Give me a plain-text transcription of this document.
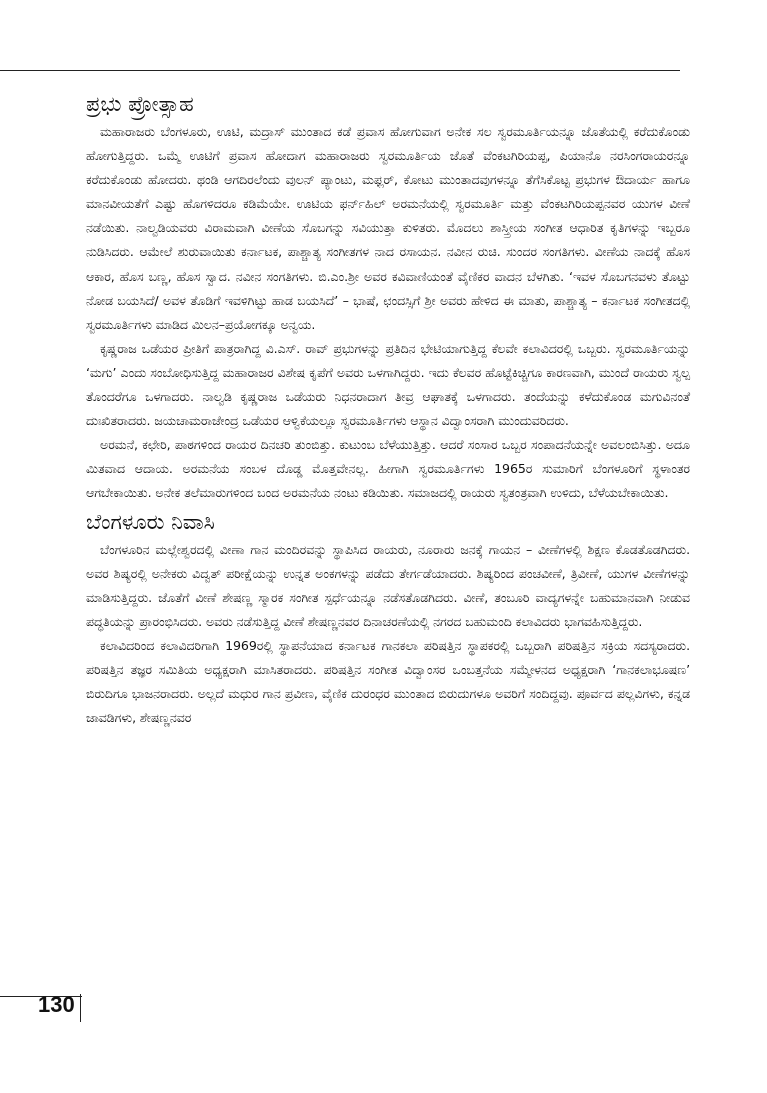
ಪ್ರಭು ಪ್ರೋತ್ಸಾಹ

ಮಹಾರಾಜರು ಬೆಂಗಳೂರು, ಊಟಿ, ಮದ್ರಾಸ್ ಮುಂತಾದ ಕಡೆ ಪ್ರವಾಸ ಹೋಗುವಾಗ ಅನೇಕ ಸಲ ಸ್ವರಮೂರ್ತಿಯನ್ನೂ ಜೊತೆಯಲ್ಲಿ ಕರೆದುಕೊಂಡು ಹೋಗುತ್ತಿದ್ದರು. ಒಮ್ಮೆ ಊಟಿಗೆ ಪ್ರವಾಸ ಹೋದಾಗ ಮಹಾರಾಜರು ಸ್ವರಮೂರ್ತಿಯ ಜೊತೆ ವೆಂಕಟಗಿರಿಯಪ್ಪ, ಪಿಯಾನೊ ನರಸಿಂಗರಾಯರನ್ನೂ ಕರೆದುಕೊಂಡು ಹೋದರು. ಥಂಡಿ ಆಗದಿರಲೆಂದು ವುಲನ್ ಪ್ಯಾಂಟು, ಮಫ್ಲರ್, ಕೋಟು ಮುಂತಾದವುಗಳನ್ನೂ ತೆಗೆಸಿಕೊಟ್ಟ ಪ್ರಭುಗಳ ಔದಾರ್ಯ ಹಾಗೂ ಮಾನವೀಯತೆಗೆ ಎಷ್ಟು ಹೊಗಳಿದರೂ ಕಡಿಮೆಯೇ. ಊಟಿಯ ಫರ್ನ್‌ಹಿಲ್ ಅರಮನೆಯಲ್ಲಿ ಸ್ವರಮೂರ್ತಿ ಮತ್ತು ವೆಂಕಟಗಿರಿಯಪ್ಪನವರ ಯುಗಳ ವೀಣೆ ನಡೆಯಿತು. ನಾಲ್ವಡಿಯವರು ವಿರಾಮವಾಗಿ ವೀಣೆಯ ಸೊಬಗನ್ನು ಸವಿಯುತ್ತಾ ಕುಳಿತರು. ಮೊದಲು ಶಾಸ್ತ್ರೀಯ ಸಂಗೀತ ಆಧಾರಿತ ಕೃತಿಗಳನ್ನು ಇಬ್ಬರೂ ನುಡಿಸಿದರು. ಆಮೇಲೆ ಶುರುವಾಯಿತು ಕರ್ನಾಟಕ, ಪಾಶ್ಚಾತ್ಯ ಸಂಗೀತಗಳ ನಾದ ರಸಾಯನ. ನವೀನ ರುಚಿ. ಸುಂದರ ಸಂಗತಿಗಳು. ವೀಣೆಯ ನಾದಕ್ಕೆ ಹೊಸ ಆಕಾರ, ಹೊಸ ಬಣ್ಣ, ಹೊಸ ಸ್ವಾದ. ನವೀನ ಸಂಗತಿಗಳು. ಬಿ.ಎಂ.ಶ್ರೀ ಅವರ ಕವಿವಾಣಿಯಂತೆ ವೈಣಿಕರ ವಾದನ ಬೆಳಗಿತು. ‘ಇವಳ ಸೊಬಗನವಳು ತೊಟ್ಟು ನೋಡ ಬಯಸಿದೆ/ ಅವಳ ತೊಡಿಗೆ ಇವಳಿಗಿಟ್ಟು ಹಾಡ ಬಯಸಿದೆ’ – ಭಾಷೆ, ಛಂದಸ್ಸಿಗೆ ಶ್ರೀ ಅವರು ಹೇಳಿದ ಈ ಮಾತು, ಪಾಶ್ಚಾತ್ಯ – ಕರ್ನಾಟಕ ಸಂಗೀತದಲ್ಲಿ ಸ್ವರಮೂರ್ತಿಗಳು ಮಾಡಿದ ಮಿಲನ–ಪ್ರಯೋಗಕ್ಕೂ ಅನ್ವಯ.

ಕೃಷ್ಣರಾಜ ಒಡೆಯರ ಪ್ರೀತಿಗೆ ಪಾತ್ರರಾಗಿದ್ದ ವಿ.ಎಸ್. ರಾವ್ ಪ್ರಭುಗಳನ್ನು ಪ್ರತಿದಿನ ಭೇಟಿಯಾಗುತ್ತಿದ್ದ ಕೆಲವೇ ಕಲಾವಿದರಲ್ಲಿ ಒಬ್ಬರು. ಸ್ವರಮೂರ್ತಿಯನ್ನು ‘ಮಗು’ ಎಂದು ಸಂಬೋಧಿಸುತ್ತಿದ್ದ ಮಹಾರಾಜರ ವಿಶೇಷ ಕೃಪೆಗೆ ಅವರು ಒಳಗಾಗಿದ್ದರು. ಇದು ಕೆಲವರ ಹೊಟ್ಟೆಕಿಚ್ಚಿಗೂ ಕಾರಣವಾಗಿ, ಮುಂದೆ ರಾಯರು ಸ್ವಲ್ಪ ತೊಂದರೆಗೂ ಒಳಗಾದರು. ನಾಲ್ವಡಿ ಕೃಷ್ಣರಾಜ ಒಡೆಯರು ನಿಧನರಾದಾಗ ತೀವ್ರ ಆಘಾತಕ್ಕೆ ಒಳಗಾದರು. ತಂದೆಯನ್ನು ಕಳೆದುಕೊಂಡ ಮಗುವಿನಂತೆ ದುಃಖಿತರಾದರು. ಜಯಚಾಮರಾಜೇಂದ್ರ ಒಡೆಯರ ಆಳ್ವಿಕೆಯಲ್ಲೂ ಸ್ವರಮೂರ್ತಿಗಳು ಆಸ್ಥಾನ ವಿದ್ವಾಂಸರಾಗಿ ಮುಂದುವರಿದರು.

ಅರಮನೆ, ಕಛೇರಿ, ಪಾಠಗಳಿಂದ ರಾಯರ ದಿನಚರಿ ತುಂಬಿತ್ತು. ಕುಟುಂಬ ಬೆಳೆಯುತ್ತಿತ್ತು. ಆದರೆ ಸಂಸಾರ ಒಬ್ಬರ ಸಂಪಾದನೆಯನ್ನೇ ಅವಲಂಬಿಸಿತ್ತು. ಅದೂ ಮಿತವಾದ ಆದಾಯ. ಅರಮನೆಯ ಸಂಬಳ ದೊಡ್ಡ ಮೊತ್ತವೇನಲ್ಲ. ಹೀಗಾಗಿ ಸ್ವರಮೂರ್ತಿಗಳು 1965ರ ಸುಮಾರಿಗೆ ಬೆಂಗಳೂರಿಗೆ ಸ್ಥಳಾಂತರ ಆಗಬೇಕಾಯಿತು. ಅನೇಕ ತಲೆಮಾರುಗಳಿಂದ ಬಂದ ಅರಮನೆಯ ನಂಟು ಕಡಿಯಿತು. ಸಮಾಜದಲ್ಲಿ ರಾಯರು ಸ್ವತಂತ್ರವಾಗಿ ಉಳಿದು, ಬೆಳೆಯಬೇಕಾಯಿತು.

ಬೆಂಗಳೂರು ನಿವಾಸಿ

ಬೆಂಗಳೂರಿನ ಮಲ್ಲೇಶ್ವರದಲ್ಲಿ ವೀಣಾ ಗಾನ ಮಂದಿರವನ್ನು ಸ್ಥಾಪಿಸಿದ ರಾಯರು, ನೂರಾರು ಜನಕ್ಕೆ ಗಾಯನ – ವೀಣೆಗಳಲ್ಲಿ ಶಿಕ್ಷಣ ಕೊಡತೊಡಗಿದರು. ಅವರ ಶಿಷ್ಯರಲ್ಲಿ ಅನೇಕರು ವಿದ್ವತ್ ಪರೀಕ್ಷೆಯನ್ನು ಉನ್ನತ ಅಂಕಗಳನ್ನು ಪಡೆದು ತೇರ್ಗಡೆಯಾದರು. ಶಿಷ್ಯರಿಂದ ಪಂಚವೀಣೆ, ತ್ರಿವೀಣೆ, ಯುಗಳ ವೀಣೆಗಳನ್ನು ಮಾಡಿಸುತ್ತಿದ್ದರು. ಜೊತೆಗೆ ವೀಣೆ ಶೇಷಣ್ಣ ಸ್ಮಾರಕ ಸಂಗೀತ ಸ್ಪರ್ಧೆಯನ್ನೂ ನಡೆಸತೊಡಗಿದರು. ವೀಣೆ, ತಂಬೂರಿ ವಾದ್ಯಗಳನ್ನೇ ಬಹುಮಾನವಾಗಿ ನೀಡುವ ಪದ್ಧತಿಯನ್ನು ಪ್ರಾರಂಭಿಸಿದರು. ಅವರು ನಡೆಸುತ್ತಿದ್ದ ವೀಣೆ ಶೇಷಣ್ಣನವರ ದಿನಾಚರಣೆಯಲ್ಲಿ ನಗರದ ಬಹುಮಂದಿ ಕಲಾವಿದರು ಭಾಗವಹಿಸುತ್ತಿದ್ದರು.

ಕಲಾವಿದರಿಂದ ಕಲಾವಿದರಿಗಾಗಿ 1969ರಲ್ಲಿ ಸ್ಥಾಪನೆಯಾದ ಕರ್ನಾಟಕ ಗಾನಕಲಾ ಪರಿಷತ್ತಿನ ಸ್ಥಾಪಕರಲ್ಲಿ ಒಬ್ಬರಾಗಿ ಪರಿಷತ್ತಿನ ಸಕ್ರಿಯ ಸದಸ್ಯರಾದರು. ಪರಿಷತ್ತಿನ ತಜ್ಞರ ಸಮಿತಿಯ ಅಧ್ಯಕ್ಷರಾಗಿ ಮಾಸಿತರಾದರು. ಪರಿಷತ್ತಿನ ಸಂಗೀತ ವಿದ್ವಾಂಸರ ಒಂಬತ್ತನೆಯ ಸಮ್ಮೇಳನದ ಅಧ್ಯಕ್ಷರಾಗಿ ‘ಗಾನಕಲಾಭೂಷಣ’ ಬಿರುದಿಗೂ ಭಾಜನರಾದರು. ಅಲ್ಲದೆ ಮಧುರ ಗಾನ ಪ್ರವೀಣ, ವೈಣಿಕ ದುರಂಧರ ಮುಂತಾದ ಬಿರುದುಗಳೂ ಅವರಿಗೆ ಸಂದಿದ್ದವು. ಪೂರ್ವದ ಪಲ್ಲವಿಗಳು, ಕನ್ನಡ ಜಾವಡಿಗಳು, ಶೇಷಣ್ಣನವರ

130
